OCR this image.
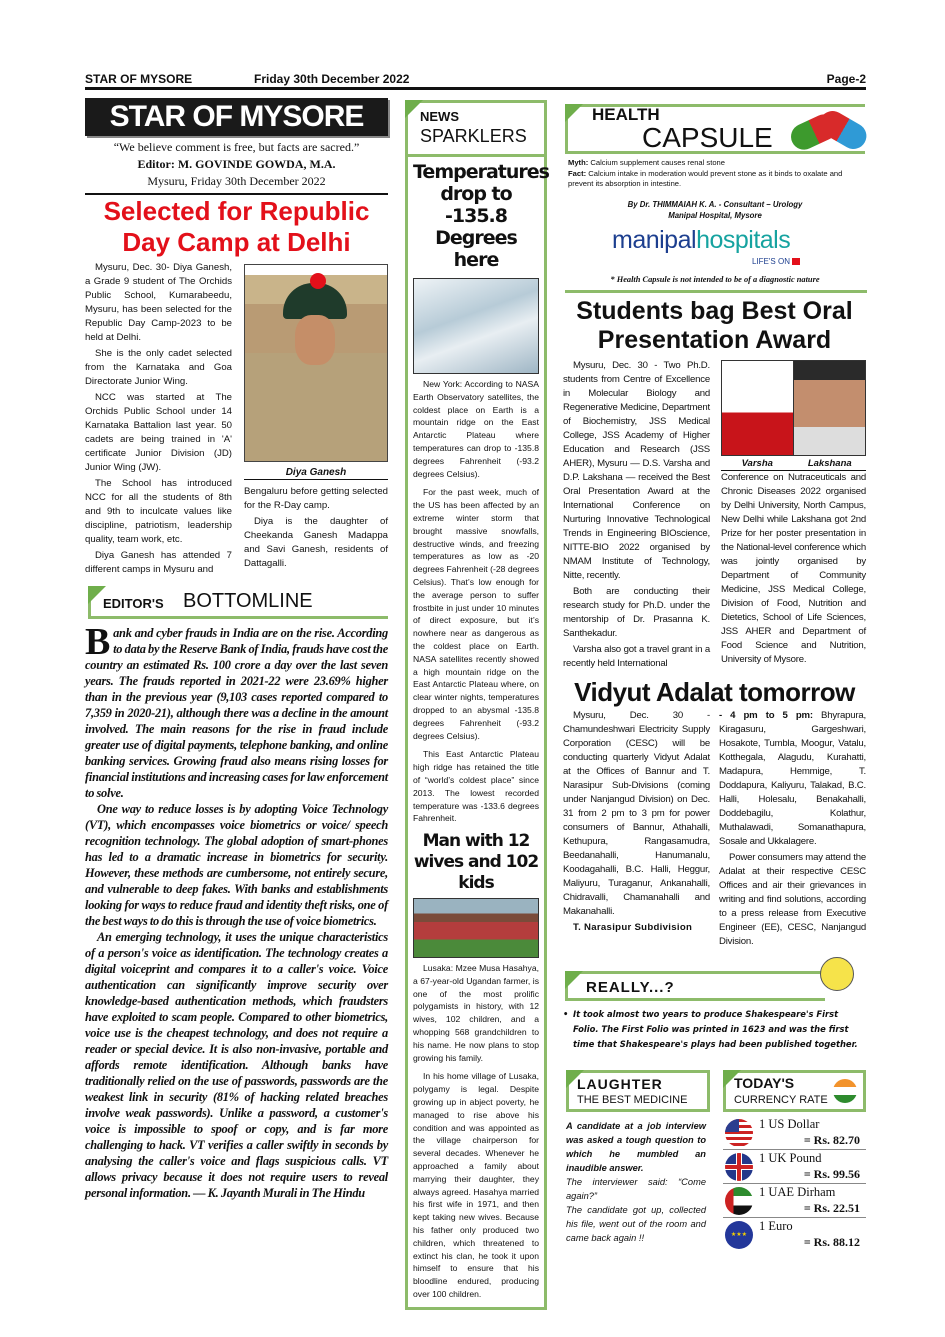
STAR OF MYSORE	Friday 30th December 2022	Page-2
STAR OF MYSORE
“We believe comment is free, but facts are sacred.”
Editor: M. GOVINDE GOWDA, M.A.
Mysuru, Friday 30th December 2022
Selected for Republic Day Camp at Delhi

Mysuru, Dec. 30- Diya Ganesh, a Grade 9 student of The Orchids Public School, Kumarabeedu, Mysuru, has been selected for the Republic Day Camp-2023 to be held at Delhi.

She is the only cadet selected from the Karnataka and Goa Directorate Junior Wing.

NCC was started at The Orchids Public School under 14 Karnataka Battalion last year. 50 cadets are being trained in 'A' certificate Junior Division (JD) Junior Wing (JW).

The School has introduced NCC for all the students of 8th and 9th to inculcate values like discipline, patriotism, leadership quality, team work, etc.

Diya Ganesh has attended 7 different camps in Mysuru and

Diya Ganesh

Bengaluru before getting selected for the R-Day camp.

Diya is the daughter of Cheekanda Ganesh Madappa and Savi Ganesh, residents of Dattagalli.

EDITOR'S BOTTOMLINE

Bank and cyber frauds in India are on the rise. According to data by the Reserve Bank of India, frauds have cost the country an estimated Rs. 100 crore a day over the last seven years. The frauds reported in 2021-22 were 23.69% higher than in the previous year (9,103 cases reported compared to 7,359 in 2020-21), although there was a decline in the amount involved. The main reasons for the rise in fraud include greater use of digital payments, telephone banking, and online banking services. Growing fraud also means rising losses for financial institutions and increasing cases for law enforcement to solve.

One way to reduce losses is by adopting Voice Technology (VT), which encompasses voice biometrics or voice/ speech recognition technology. The global adoption of smart-phones has led to a dramatic increase in biometrics for security. However, these methods are cumbersome, not entirely secure, and vulnerable to deep fakes. With banks and establishments looking for ways to reduce fraud and identity theft risks, one of the best ways to do this is through the use of voice biometrics.

An emerging technology, it uses the unique characteristics of a person's voice as identification. The technology creates a digital voiceprint and compares it to a caller's voice. Voice authentication can significantly improve security over knowledge-based authentication methods, which fraudsters have exploited to scam people. Compared to other biometrics, voice use is the cheapest technology, and does not require a reader or special device. It is also non-invasive, portable and affords remote identification. Although banks have traditionally relied on the use of passwords, passwords are the weakest link in security (81% of hacking related breaches involve weak passwords). Unlike a password, a customer's voice is impossible to spoof or copy, and is far more challenging to hack. VT verifies a caller swiftly in seconds by analysing the caller's voice and flags suspicious calls. VT allows privacy because it does not require users to reveal personal information. — K. Jayanth Murali in The Hindu

NEWS
SPARKLERS
Temperatures drop to -135.8 Degrees here

New York: According to NASA Earth Observatory satellites, the coldest place on Earth is a mountain ridge on the East Antarctic Plateau where temperatures can drop to -135.8 degrees Fahrenheit (-93.2 degrees Celsius).

For the past week, much of the US has been affected by an extreme winter storm that brought massive snowfalls, destructive winds, and freezing temperatures as low as -20 degrees Fahrenheit (-28 degrees Celsius). That’s low enough for the average person to suffer frostbite in just under 10 minutes of direct exposure, but it’s nowhere near as dangerous as the coldest place on Earth. NASA satellites recently showed a high mountain ridge on the East Antarctic Plateau where, on clear winter nights, temperatures dropped to an abysmal -135.8 degrees Fahrenheit (-93.2 degrees Celsius).

This East Antarctic Plateau high ridge has retained the title of “world’s coldest place” since 2013. The lowest recorded temperature was -133.6 degrees Fahrenheit.

Man with 12 wives and 102 kids

Lusaka: Mzee Musa Hasahya, a 67-year-old Ugandan farmer, is one of the most prolific polygamists in history, with 12 wives, 102 children, and a whopping 568 grandchildren to his name. He now plans to stop growing his family.

In his home village of Lusaka, polygamy is legal. Despite growing up in abject poverty, he managed to rise above his condition and was appointed as the village chairperson for several decades. Whenever he approached a family about marrying their daughter, they always agreed. Hasahya married his first wife in 1971, and then kept taking new wives. Because his father only produced two children, which threatened to extinct his clan, he took it upon himself to ensure that his bloodline endured, producing over 100 children.

HEALTH
CAPSULE
Myth: Calcium supplement causes renal stone
Fact: Calcium intake in moderation would prevent stone as it binds to oxalate and prevent its absorption in intestine.
By Dr. THIMMAIAH K. A. - Consultant – Urology
Manipal Hospital, Mysore
manipalhospitals
LIFE'S ON
* Health Capsule is not intended to be of a diagnostic nature
Students bag Best Oral Presentation Award

Mysuru, Dec. 30 - Two Ph.D. students from Centre of Excellence in Molecular Biology and Regenerative Medicine, Department of Biochemistry, JSS Medical College, JSS Academy of Higher Education and Research (JSS AHER), Mysuru — D.S. Varsha and D.P. Lakshana — received the Best Oral Presentation Award at the International Conference on Nurturing Innovative Technological Trends in Engineering BIOscience, NITTE-BIO 2022 organised by NMAM Institute of Technology, Nitte, recently.

Both are conducting their research study for Ph.D. under the mentorship of Dr. Prasanna K. Santhekadur.

Varsha also got a travel grant in a recently held International

Varsha	Lakshana

Conference on Nutraceuticals and Chronic Diseases 2022 organised by Delhi University, North Campus, New Delhi while Lakshana got 2nd Prize for her poster presentation in the National-level conference which was jointly organised by Department of Community Medicine, JSS Medical College, Division of Food, Nutrition and Dietetics, School of Life Sciences, JSS AHER and Department of Food Science and Nutrition, University of Mysore.

Vidyut Adalat tomorrow

Mysuru, Dec. 30 - Chamundeshwari Electricity Supply Corporation (CESC) will be conducting quarterly Vidyut Adalat at the Offices of Bannur and T. Narasipur Sub-Divisions (coming under Nanjangud Division) on Dec. 31 from 2 pm to 3 pm for power consumers of Bannur, Athahalli, Kethupura, Rangasamudra, Beedanahalli, Hanumanalu, Koodagahalli, B.C. Halli, Heggur, Maliyuru, Turaganur, Ankanahalli, Chidravalli, Chamanahalli and Makanahalli.

T. Narasipur Subdivision

- 4 pm to 5 pm: Bhyrapura, Kiragasuru, Gargeshwari, Hosakote, Tumbla, Moogur, Vatalu, Kotthegala, Alagudu, Kurahatti, Madapura, Hemmige, T. Doddapura, Kaliyuru, Talakad, B.C. Halli, Holesalu, Benakahalli, Doddebagilu, Kolathur, Muthalawadi, Somanathapura, Sosale and Ukkalagere.

Power consumers may attend the Adalat at their respective CESC Offices and air their grievances in writing and find solutions, according to a press release from Executive Engineer (EE), CESC, Nanjangud Division.

REALLY...?
• It took almost two years to produce Shakespeare's First Folio. The First Folio was printed in 1623 and was the first time that Shakespeare's plays had been published together.
LAUGHTER
THE BEST MEDICINE

A candidate at a job interview was asked a tough question to which he mumbled an inaudible answer.

The interviewer said: “Come again?”

The candidate got up, collected his file, went out of the room and came back again !!

TODAY'S
CURRENCY RATE
1 US Dollar
= Rs. 82.70
1 UK Pound
= Rs. 99.56
1 UAE Dirham
= Rs. 22.51
★★★
1 Euro
= Rs. 88.12
